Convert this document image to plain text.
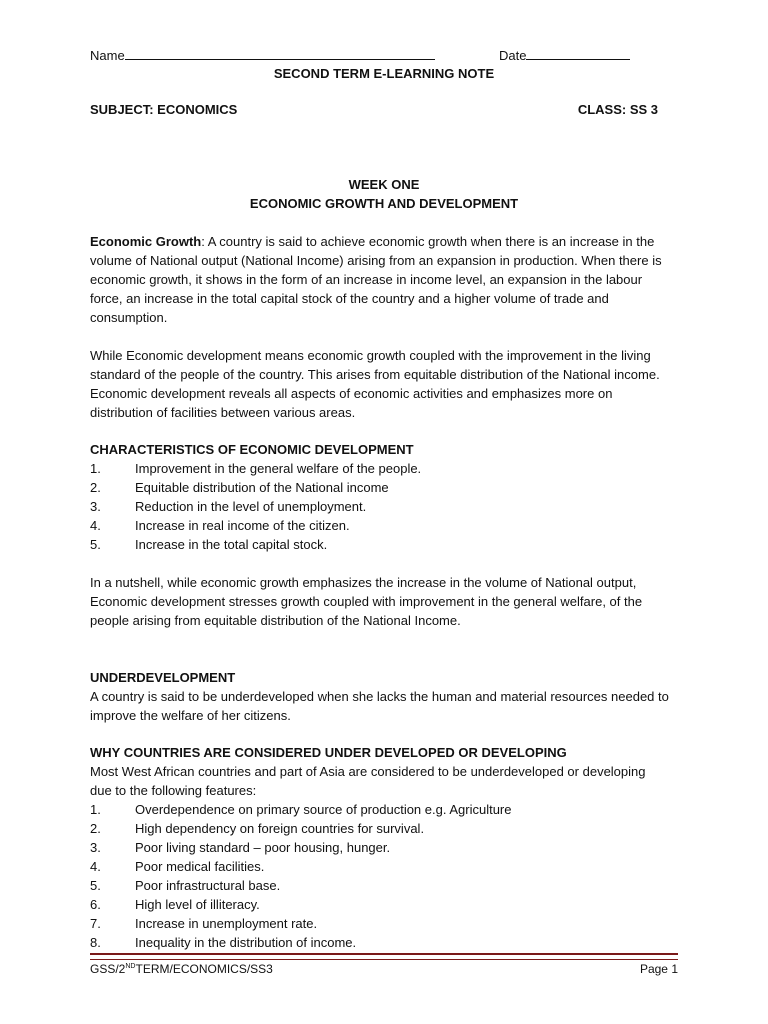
Name	Date
SECOND TERM E-LEARNING NOTE
SUBJECT: ECONOMICS	CLASS: SS 3
WEEK ONE
ECONOMIC GROWTH AND DEVELOPMENT
Economic Growth: A country is said to achieve economic growth when there is an increase in the volume of National output (National Income) arising from an expansion in production. When there is economic growth, it shows in the form of an increase in income level, an expansion in the labour force, an increase in the total capital stock of the country and a higher volume of trade and consumption.
While Economic development means economic growth coupled with the improvement in the living standard of the people of the country. This arises from equitable distribution of the National income. Economic development reveals all aspects of economic activities and emphasizes more on distribution of facilities between various areas.
CHARACTERISTICS OF ECONOMIC DEVELOPMENT
1.	Improvement in the general welfare of the people.
2.	Equitable distribution of the National income
3.	Reduction in the level of unemployment.
4.	Increase in real income of the citizen.
5.	Increase in the total capital stock.
In a nutshell, while economic growth emphasizes the increase in the volume of National output, Economic development stresses growth coupled with improvement in the general welfare, of the people arising from equitable distribution of the National Income.
UNDERDEVELOPMENT
A country is said to be underdeveloped when she lacks the human and material resources needed to improve the welfare of her citizens.
WHY COUNTRIES ARE CONSIDERED UNDER DEVELOPED OR DEVELOPING
Most West African countries and part of Asia are considered to be underdeveloped or developing due to the following features:
1.	Overdependence on primary source of production e.g. Agriculture
2.	High dependency on foreign countries for survival.
3.	Poor living standard – poor housing, hunger.
4.	Poor medical facilities.
5.	Poor infrastructural base.
6.	High level of illiteracy.
7.	Increase in unemployment rate.
8.	Inequality in the distribution of income.
GSS/2NDTERM/ECONOMICS/SS3	Page 1
